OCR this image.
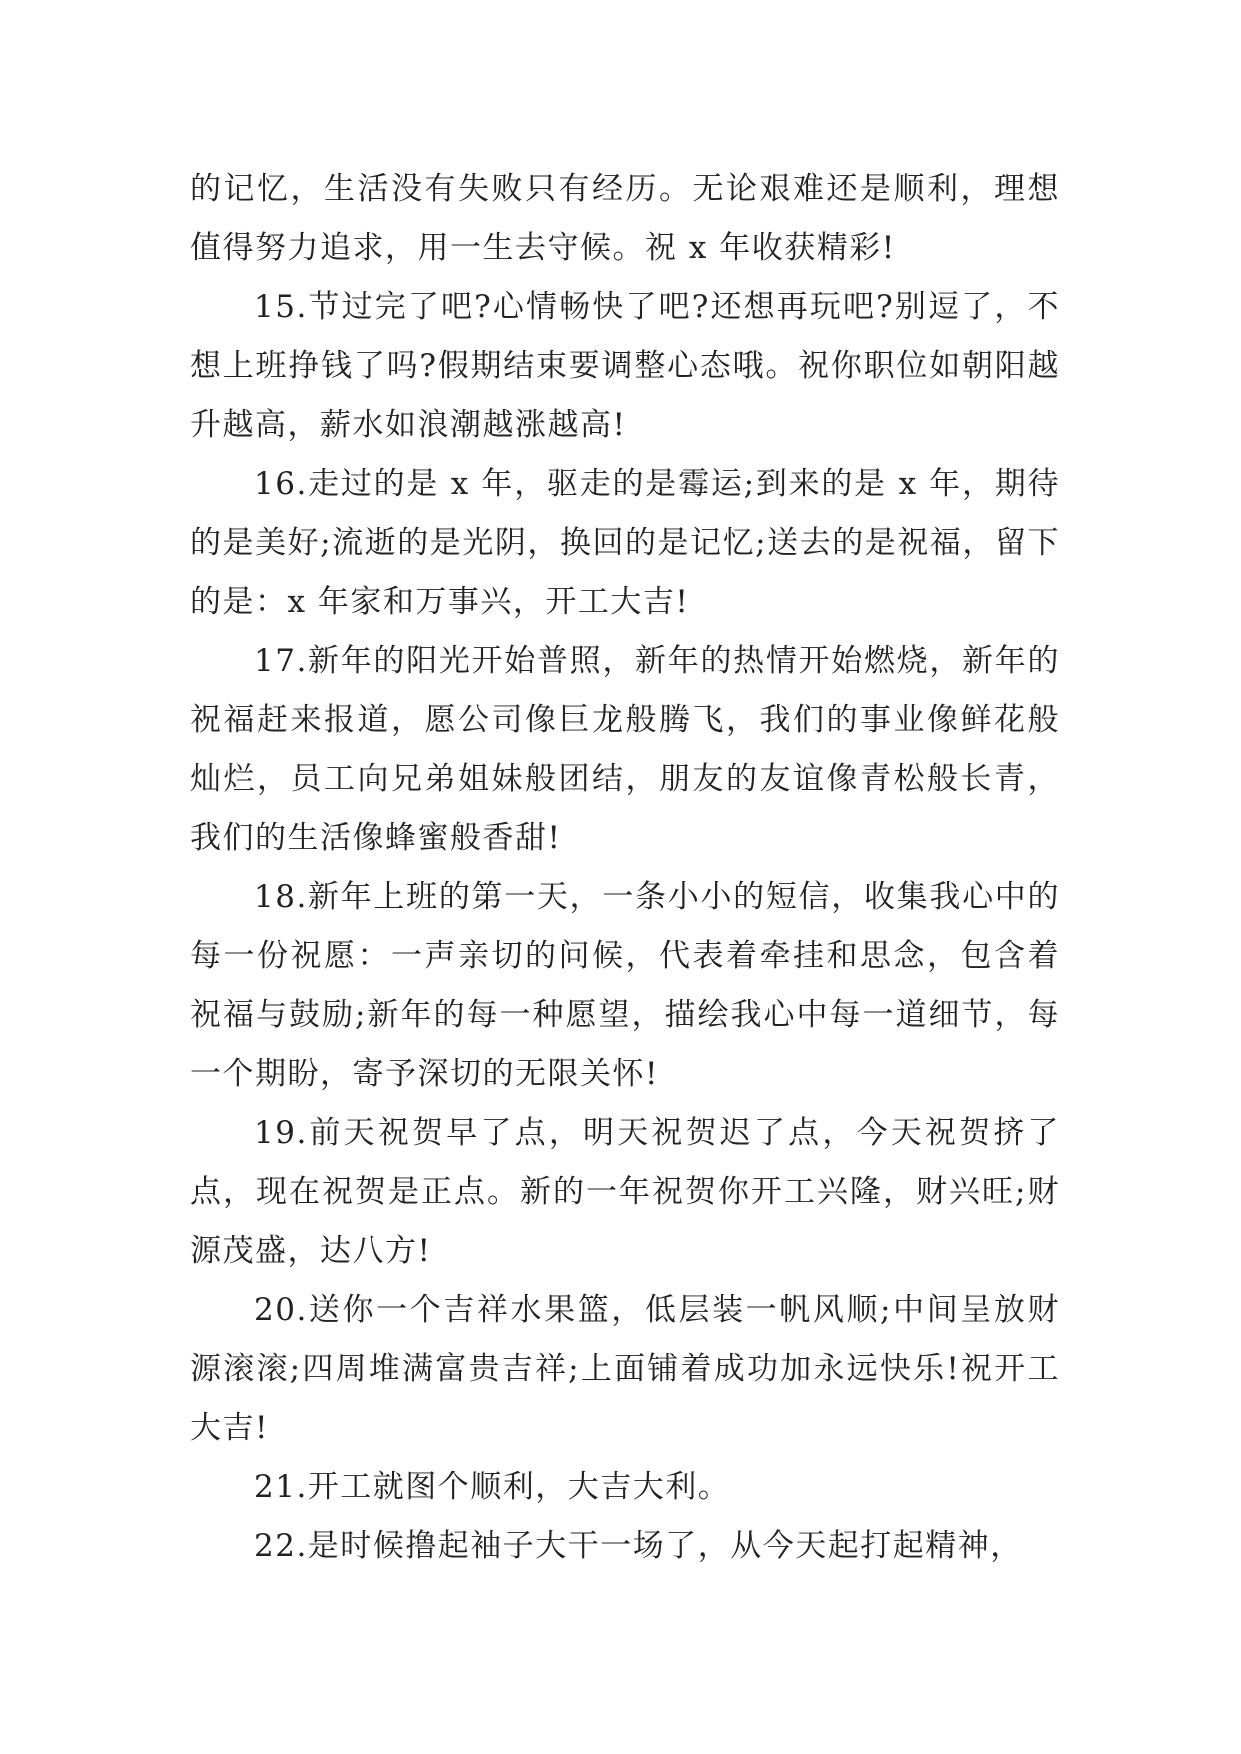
的记忆，生活没有失败只有经历。无论艰难还是顺利，理想值得努力追求，用一生去守候。祝 x 年收获精彩!

15.节过完了吧?心情畅快了吧?还想再玩吧?别逗了，不想上班挣钱了吗?假期结束要调整心态哦。祝你职位如朝阳越升越高，薪水如浪潮越涨越高!

16.走过的是 x 年，驱走的是霉运;到来的是 x 年，期待的是美好;流逝的是光阴，换回的是记忆;送去的是祝福，留下的是：x 年家和万事兴，开工大吉!

17.新年的阳光开始普照，新年的热情开始燃烧，新年的祝福赶来报道，愿公司像巨龙般腾飞，我们的事业像鲜花般灿烂，员工向兄弟姐妹般团结，朋友的友谊像青松般长青，我们的生活像蜂蜜般香甜!

18.新年上班的第一天，一条小小的短信，收集我心中的每一份祝愿：一声亲切的问候，代表着牵挂和思念，包含着祝福与鼓励;新年的每一种愿望，描绘我心中每一道细节，每一个期盼，寄予深切的无限关怀!

19.前天祝贺早了点，明天祝贺迟了点，今天祝贺挤了点，现在祝贺是正点。新的一年祝贺你开工兴隆，财兴旺;财源茂盛，达八方!

20.送你一个吉祥水果篮，低层装一帆风顺;中间呈放财源滚滚;四周堆满富贵吉祥;上面铺着成功加永远快乐!祝开工大吉!

21.开工就图个顺利，大吉大利。

22.是时候撸起袖子大干一场了，从今天起打起精神，
